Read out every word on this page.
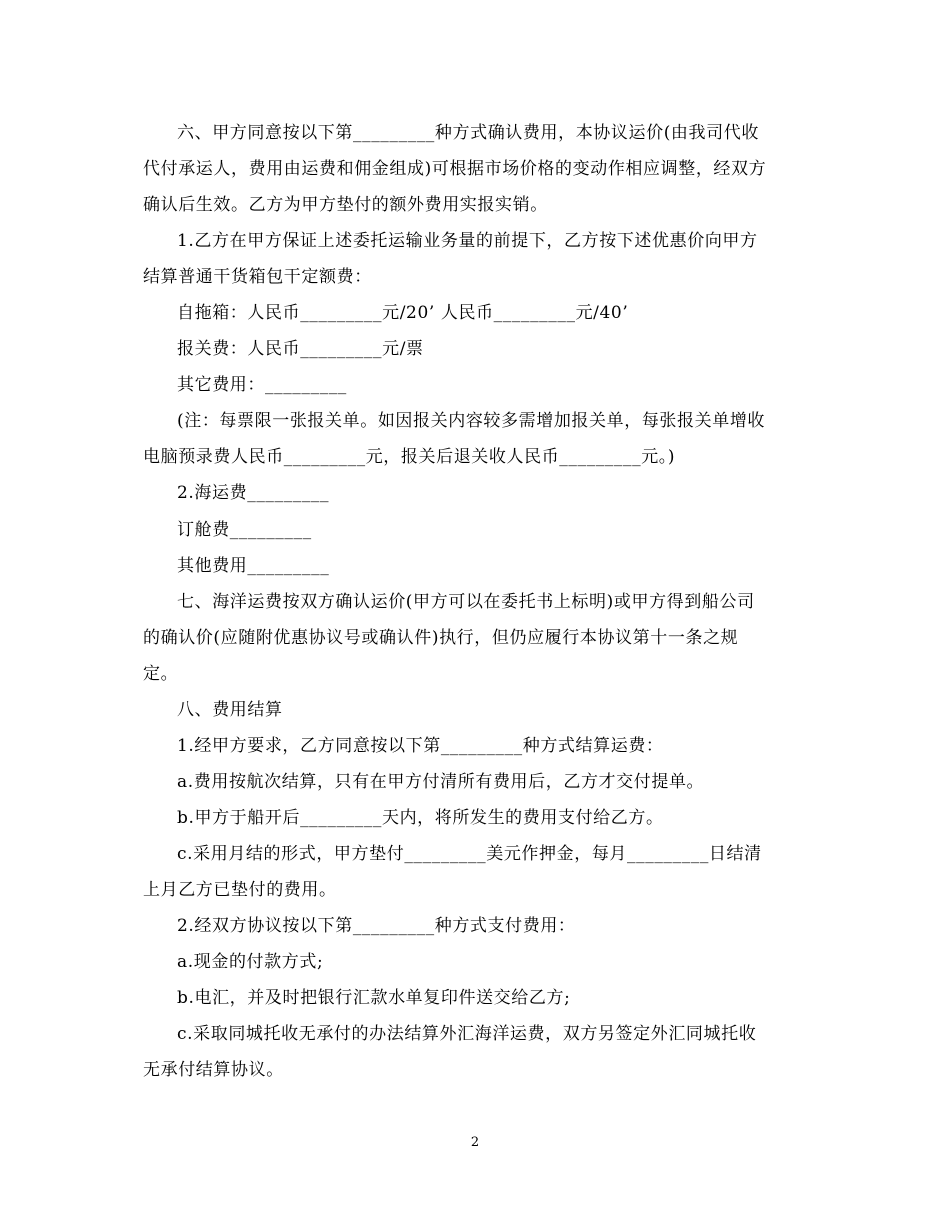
六、甲方同意按以下第_________种方式确认费用，本协议运价(由我司代收
代付承运人，费用由运费和佣金组成)可根据市场价格的变动作相应调整，经双方
确认后生效。乙方为甲方垫付的额外费用实报实销。
1.乙方在甲方保证上述委托运输业务量的前提下，乙方按下述优惠价向甲方
结算普通干货箱包干定额费：
自拖箱：人民币_________元/20’ 人民币_________元/40’
报关费：人民币_________元/票
其它费用：_________
(注：每票限一张报关单。如因报关内容较多需增加报关单，每张报关单增收
电脑预录费人民币_________元，报关后退关收人民币_________元。)
2.海运费_________
订舱费_________
其他费用_________
七、海洋运费按双方确认运价(甲方可以在委托书上标明)或甲方得到船公司
的确认价(应随附优惠协议号或确认件)执行，但仍应履行本协议第十一条之规
定。
八、费用结算
1.经甲方要求，乙方同意按以下第_________种方式结算运费：
a.费用按航次结算，只有在甲方付清所有费用后，乙方才交付提单。
b.甲方于船开后_________天内，将所发生的费用支付给乙方。
c.采用月结的形式，甲方垫付_________美元作押金，每月_________日结清
上月乙方已垫付的费用。
2.经双方协议按以下第_________种方式支付费用：
a.现金的付款方式;
b.电汇，并及时把银行汇款水单复印件送交给乙方;
c.采取同城托收无承付的办法结算外汇海洋运费，双方另签定外汇同城托收
无承付结算协议。
2
